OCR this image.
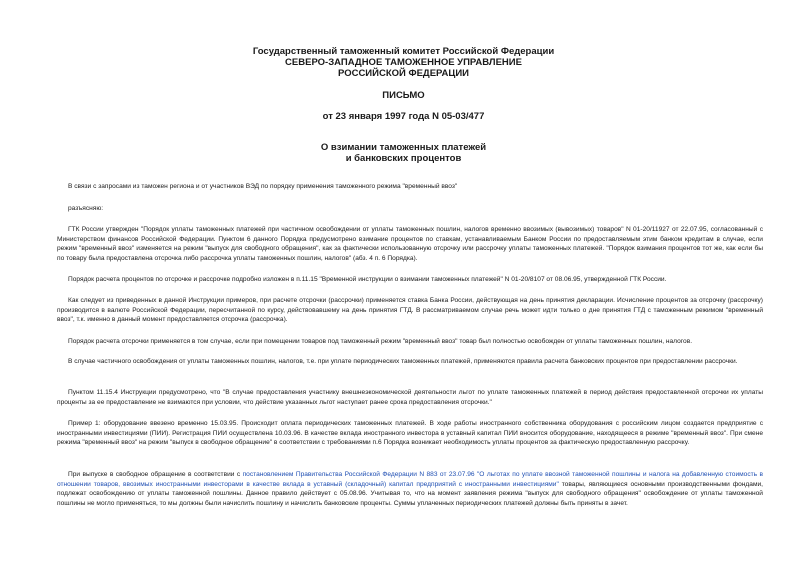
Государственный таможенный комитет Российской Федерации
СЕВЕРО-ЗАПАДНОЕ ТАМОЖЕННОЕ УПРАВЛЕНИЕ
РОССИЙСКОЙ ФЕДЕРАЦИИ
ПИСЬМО
от 23 января 1997 года N 05-03/477
О взимании таможенных платежей
и банковских процентов

В связи с запросами из таможен региона и от участников ВЭД по порядку применения таможенного режима "временный ввоз"

разъясняю:

ГТК России утвержден "Порядок уплаты таможенных платежей при частичном освобождении от уплаты таможенных пошлин, налогов временно ввозимых (вывозимых) товаров" N 01-20/11927 от 22.07.95, согласованный с Министерством финансов Российской Федерации. Пунктом 6 данного Порядка предусмотрено взимание процентов по ставкам, устанавливаемым Банком России по предоставляемым этим банком кредитам в случае, если режим "временный ввоз" изменяется на режим "выпуск для свободного обращения", как за фактически использованную отсрочку или рассрочку уплаты таможенных платежей. "Порядок взимания процентов тот же, как если бы по товару была предоставлена отсрочка либо рассрочка уплаты таможенных пошлин, налогов" (абз. 4 п. 6 Порядка).

Порядок расчета процентов по отсрочке и рассрочке подробно изложен в п.11.15 "Временной инструкции о взимании таможенных платежей" N 01-20/8107 от 08.06.95, утвержденной ГТК России.

Как следует из приведенных в данной Инструкции примеров, при расчете отсрочки (рассрочки) применяется ставка Банка России, действующая на день принятия декларации. Исчисление процентов за отсрочку (рассрочку) производится в валюте Российской Федерации, пересчитанной по курсу, действовавшему на день принятия ГТД. В рассматриваемом случае речь может идти только о дне принятия ГТД с таможенным режимом "временный ввоз", т.к. именно в данный момент предоставляется отсрочка (рассрочка).

Порядок расчета отсрочки применяется в том случае, если при помещении товаров под таможенный режим "временный ввоз" товар был полностью освобожден от уплаты таможенных пошлин, налогов.

В случае частичного освобождения от уплаты таможенных пошлин, налогов, т.е. при уплате периодических таможенных платежей, применяются правила расчета банковских процентов при предоставлении рассрочки.

Пунктом 11.15.4 Инструкции предусмотрено, что "В случае предоставления участнику внешнеэкономической деятельности льгот по уплате таможенных платежей в период действия предоставленной отсрочки их уплаты проценты за ее предоставление не взимаются при условии, что действие указанных льгот наступает ранее срока предоставления отсрочки."

Пример 1: оборудование ввезено временно 15.03.95. Происходит оплата периодических таможенных платежей. В ходе работы иностранного собственника оборудования с российским лицом создается предприятие с иностранными инвестициями (ПИИ). Регистрация ПИИ осуществлена 10.03.96. В качестве вклада иностранного инвестора в уставный капитал ПИИ вносится оборудование, находящееся в режиме "временный ввоз". При смене режима "временный ввоз" на режим "выпуск в свободное обращение" в соответствии с требованиями п.6 Порядка возникает необходимость уплаты процентов за фактическую предоставленную рассрочку.

При выпуске в свободное обращение в соответствии с постановлением Правительства Российской Федерации N 883 от 23.07.96 "О льготах по уплате ввозной таможенной пошлины и налога на добавленную стоимость в отношении товаров, ввозимых иностранными инвесторами в качестве вклада в уставный (складочный) капитал предприятий с иностранными инвестициями" товары, являющиеся основными производственными фондами, подлежат освобождению от уплаты таможенной пошлины. Данное правило действует с 05.08.96. Учитывая то, что на момент заявления режима "выпуск для свободного обращения" освобождение от уплаты таможенной пошлины не могло применяться, то мы должны были начислить пошлину и начислить банковские проценты. Суммы уплаченных периодических платежей должны быть приняты в зачет.
